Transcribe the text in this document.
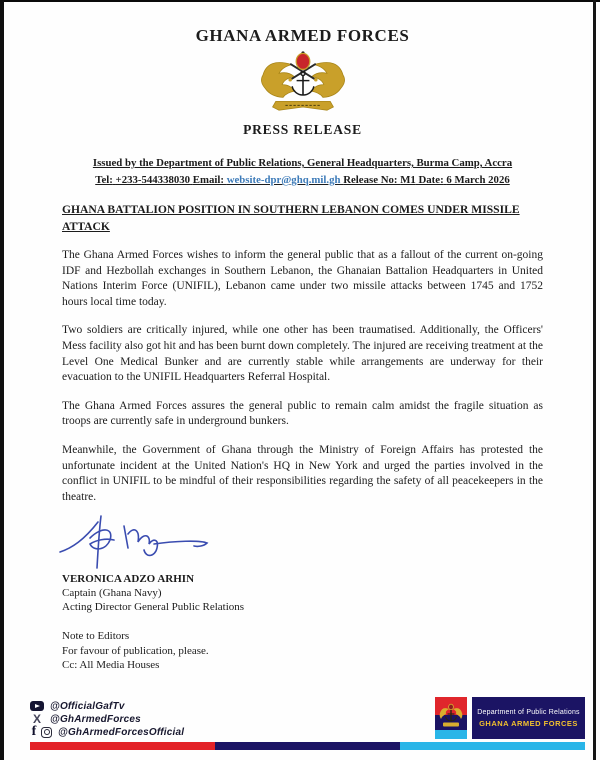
GHANA ARMED FORCES
PRESS RELEASE
Issued by the Department of Public Relations, General Headquarters, Burma Camp, Accra
Tel: +233-544338030 Email: website-dpr@ghq.mil.gh Release No: M1 Date: 6 March 2026
GHANA BATTALION POSITION IN SOUTHERN LEBANON COMES UNDER MISSILE ATTACK

The Ghana Armed Forces wishes to inform the general public that as a fallout of the current on-going IDF and Hezbollah exchanges in Southern Lebanon, the Ghanaian Battalion Headquarters in United Nations Interim Force (UNIFIL), Lebanon came under two missile attacks between 1745 and 1752 hours local time today.

Two soldiers are critically injured, while one other has been traumatised. Additionally, the Officers' Mess facility also got hit and has been burnt down completely. The injured are receiving treatment at the Level One Medical Bunker and are currently stable while arrangements are underway for their evacuation to the UNIFIL Headquarters Referral Hospital.

The Ghana Armed Forces assures the general public to remain calm amidst the fragile situation as troops are currently safe in underground bunkers.

Meanwhile, the Government of Ghana through the Ministry of Foreign Affairs has protested the unfortunate incident at the United Nation's HQ in New York and urged the parties involved in the conflict in UNIFIL to be mindful of their responsibilities regarding the safety of all peacekeepers in the theatre.

VERONICA ADZO ARHIN
Captain (Ghana Navy)
Acting Director General Public Relations
Note to Editors
For favour of publication, please.
Cc: All Media Houses
@OfficialGafTv
X @GhArmedForces
f @GhArmedForcesOfficial
Department of Public Relations
GHANA ARMED FORCES
